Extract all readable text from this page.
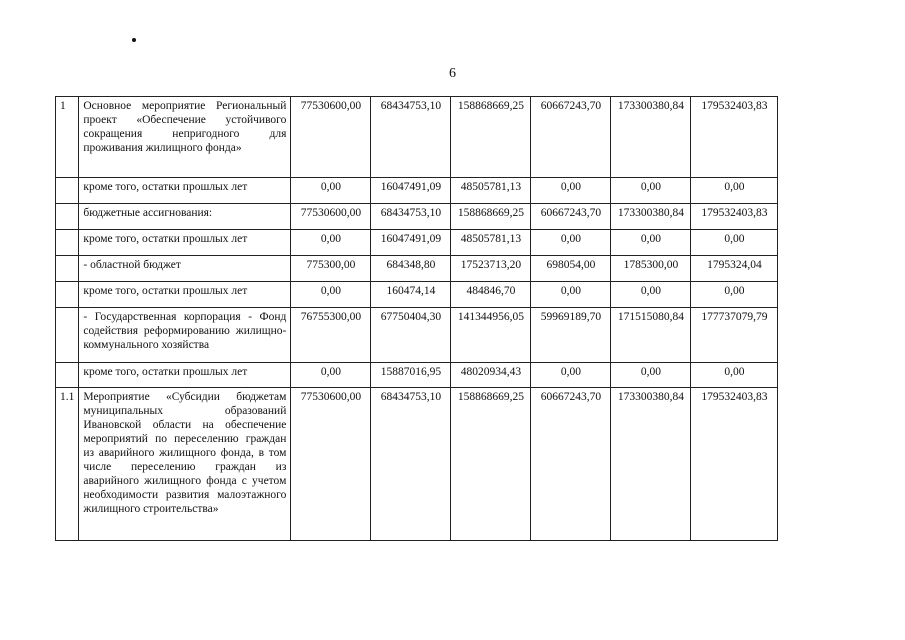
6
1	Основное мероприятие Региональный проект «Обеспечение устойчивого сокращения непригодного для проживания жилищного фонда»	77530600,00	68434753,10	158868669,25	60667243,70	173300380,84	179532403,83
	кроме того, остатки прошлых лет	0,00	16047491,09	48505781,13	0,00	0,00	0,00
	бюджетные ассигнования:	77530600,00	68434753,10	158868669,25	60667243,70	173300380,84	179532403,83
	кроме того, остатки прошлых лет	0,00	16047491,09	48505781,13	0,00	0,00	0,00
	- областной бюджет	775300,00	684348,80	17523713,20	698054,00	1785300,00	1795324,04
	кроме того, остатки прошлых лет	0,00	160474,14	484846,70	0,00	0,00	0,00
	- Государственная корпорация - Фонд содействия реформированию жилищно-коммунального хозяйства	76755300,00	67750404,30	141344956,05	59969189,70	171515080,84	177737079,79
	кроме того, остатки прошлых лет	0,00	15887016,95	48020934,43	0,00	0,00	0,00
1.1	Мероприятие «Субсидии бюджетам муниципальных образований Ивановской области на обеспечение мероприятий по переселению граждан из аварийного жилищного фонда, в том числе переселению граждан из аварийного жилищного фонда с учетом необходимости развития малоэтажного жилищного строительства»	77530600,00	68434753,10	158868669,25	60667243,70	173300380,84	179532403,83
